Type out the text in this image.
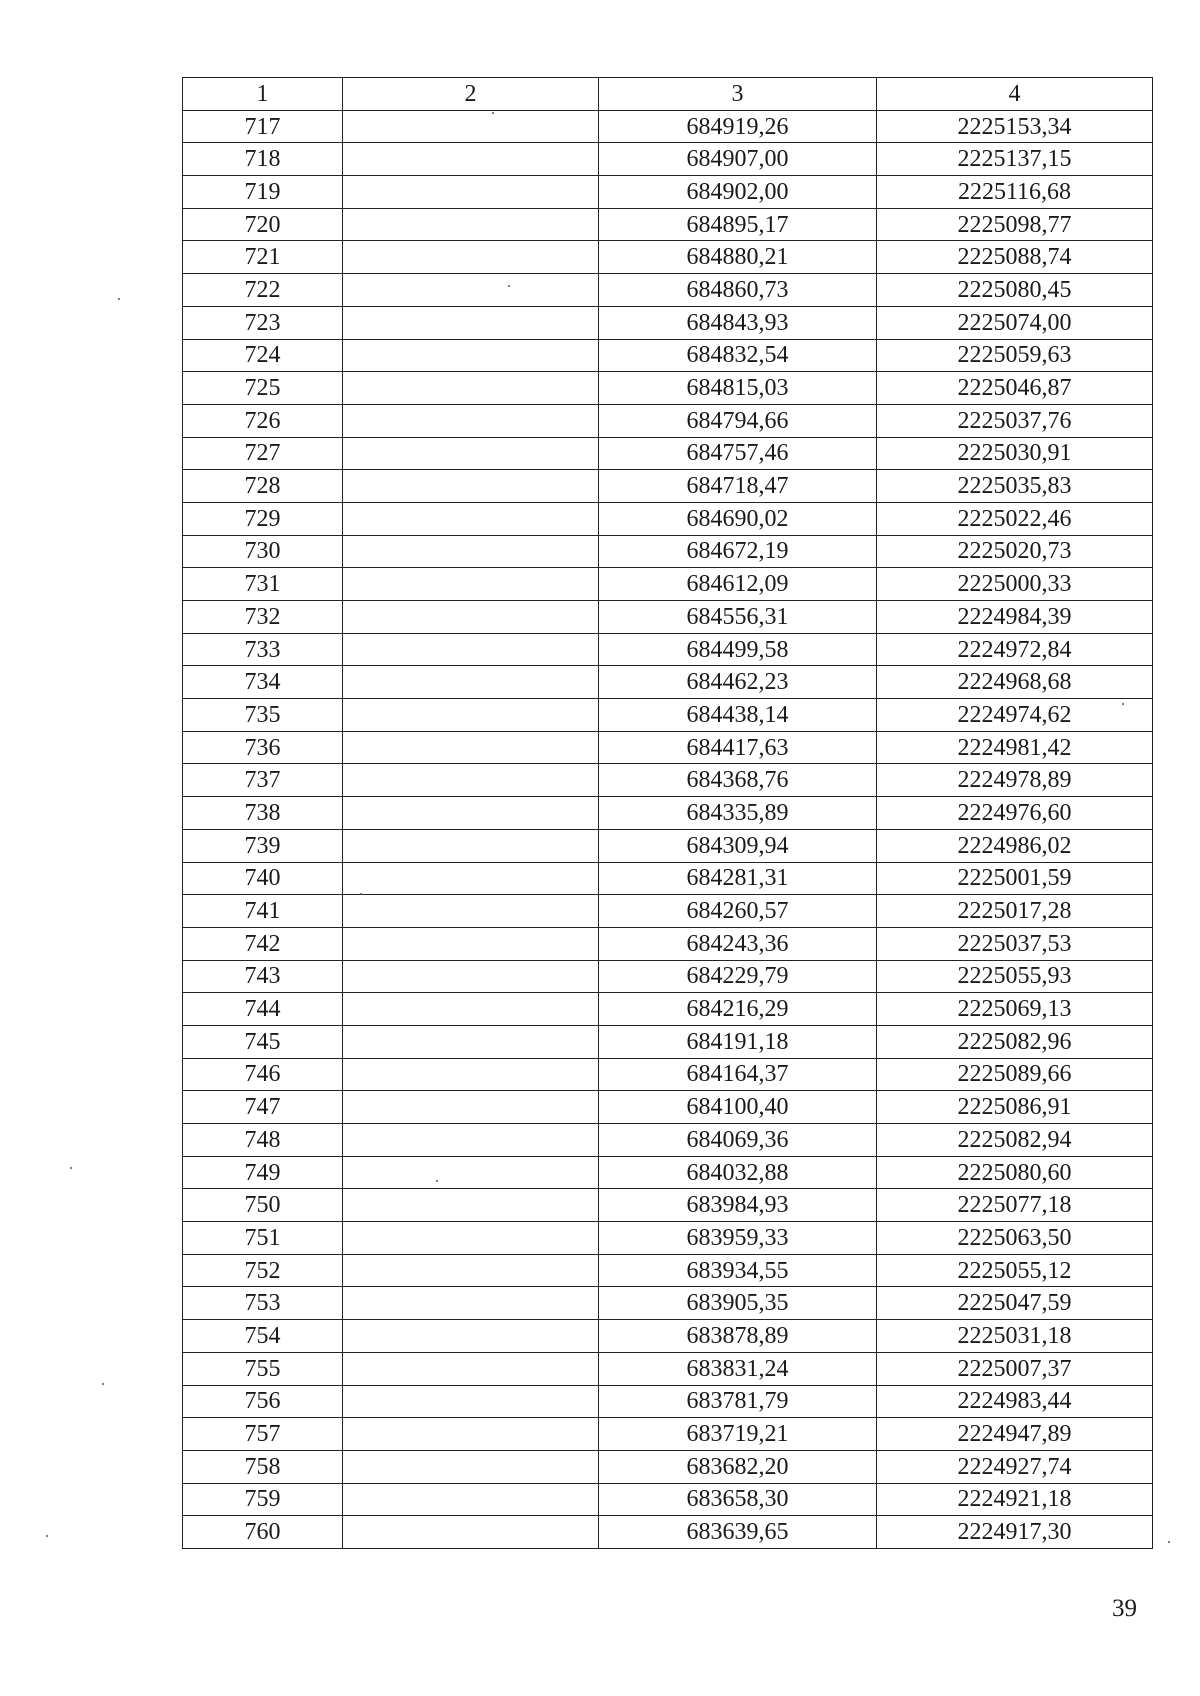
1	2	3	4
717		684919,26	2225153,34
718		684907,00	2225137,15
719		684902,00	2225116,68
720		684895,17	2225098,77
721		684880,21	2225088,74
722		684860,73	2225080,45
723		684843,93	2225074,00
724		684832,54	2225059,63
725		684815,03	2225046,87
726		684794,66	2225037,76
727		684757,46	2225030,91
728		684718,47	2225035,83
729		684690,02	2225022,46
730		684672,19	2225020,73
731		684612,09	2225000,33
732		684556,31	2224984,39
733		684499,58	2224972,84
734		684462,23	2224968,68
735		684438,14	2224974,62
736		684417,63	2224981,42
737		684368,76	2224978,89
738		684335,89	2224976,60
739		684309,94	2224986,02
740		684281,31	2225001,59
741		684260,57	2225017,28
742		684243,36	2225037,53
743		684229,79	2225055,93
744		684216,29	2225069,13
745		684191,18	2225082,96
746		684164,37	2225089,66
747		684100,40	2225086,91
748		684069,36	2225082,94
749		684032,88	2225080,60
750		683984,93	2225077,18
751		683959,33	2225063,50
752		683934,55	2225055,12
753		683905,35	2225047,59
754		683878,89	2225031,18
755		683831,24	2225007,37
756		683781,79	2224983,44
757		683719,21	2224947,89
758		683682,20	2224927,74
759		683658,30	2224921,18
760		683639,65	2224917,30
39
